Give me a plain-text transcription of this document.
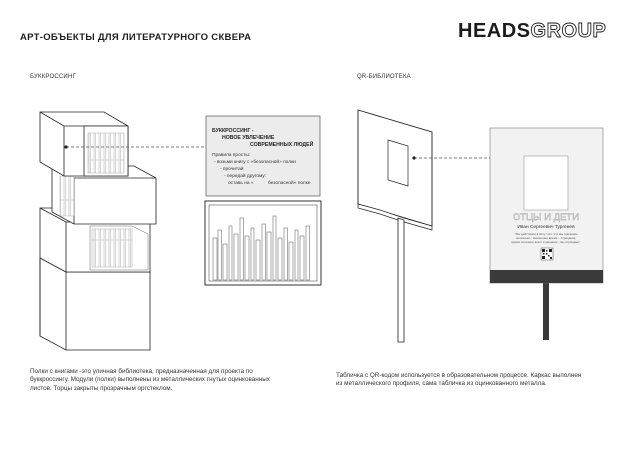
АРТ-ОБЪЕКТЫ ДЛЯ ЛИТЕРАТУРНОГО СКВЕРА	HEADSGROUP
БУККРОССИНГ	QR-БИБЛИОТЕКА
БУККРОССИНГ -
НОВОЕ УВЛЕЧЕНИЕ
СОВРЕМЕННЫХ ЛЮДЕЙ
Правила просты:
- возьми книгу с «безопасной» полки
- прочитай
- передай другому:
оставь на «	безопасной» полке
ОТЦЫ И ДЕТИ
Иван Сергеевич Тургенев
"Мы действуем в силу того, что мы признаём
полезным... Нынешнее время... отрицание,
время полезнее всего отрицание - мы отрицаем."
Полки с книгами -это уличная библиотека, предназначенная для проекта по
буккроссингу. Модули (полки) выполнены из металлических гнутых оцинкованных
листов. Торцы закрыты прозрачным оргстеклом.
Табличка с QR-кодом используется в образовательном процессе. Каркас выполнен
из металлического профиля, сама табличка из оцинкованного металла.
